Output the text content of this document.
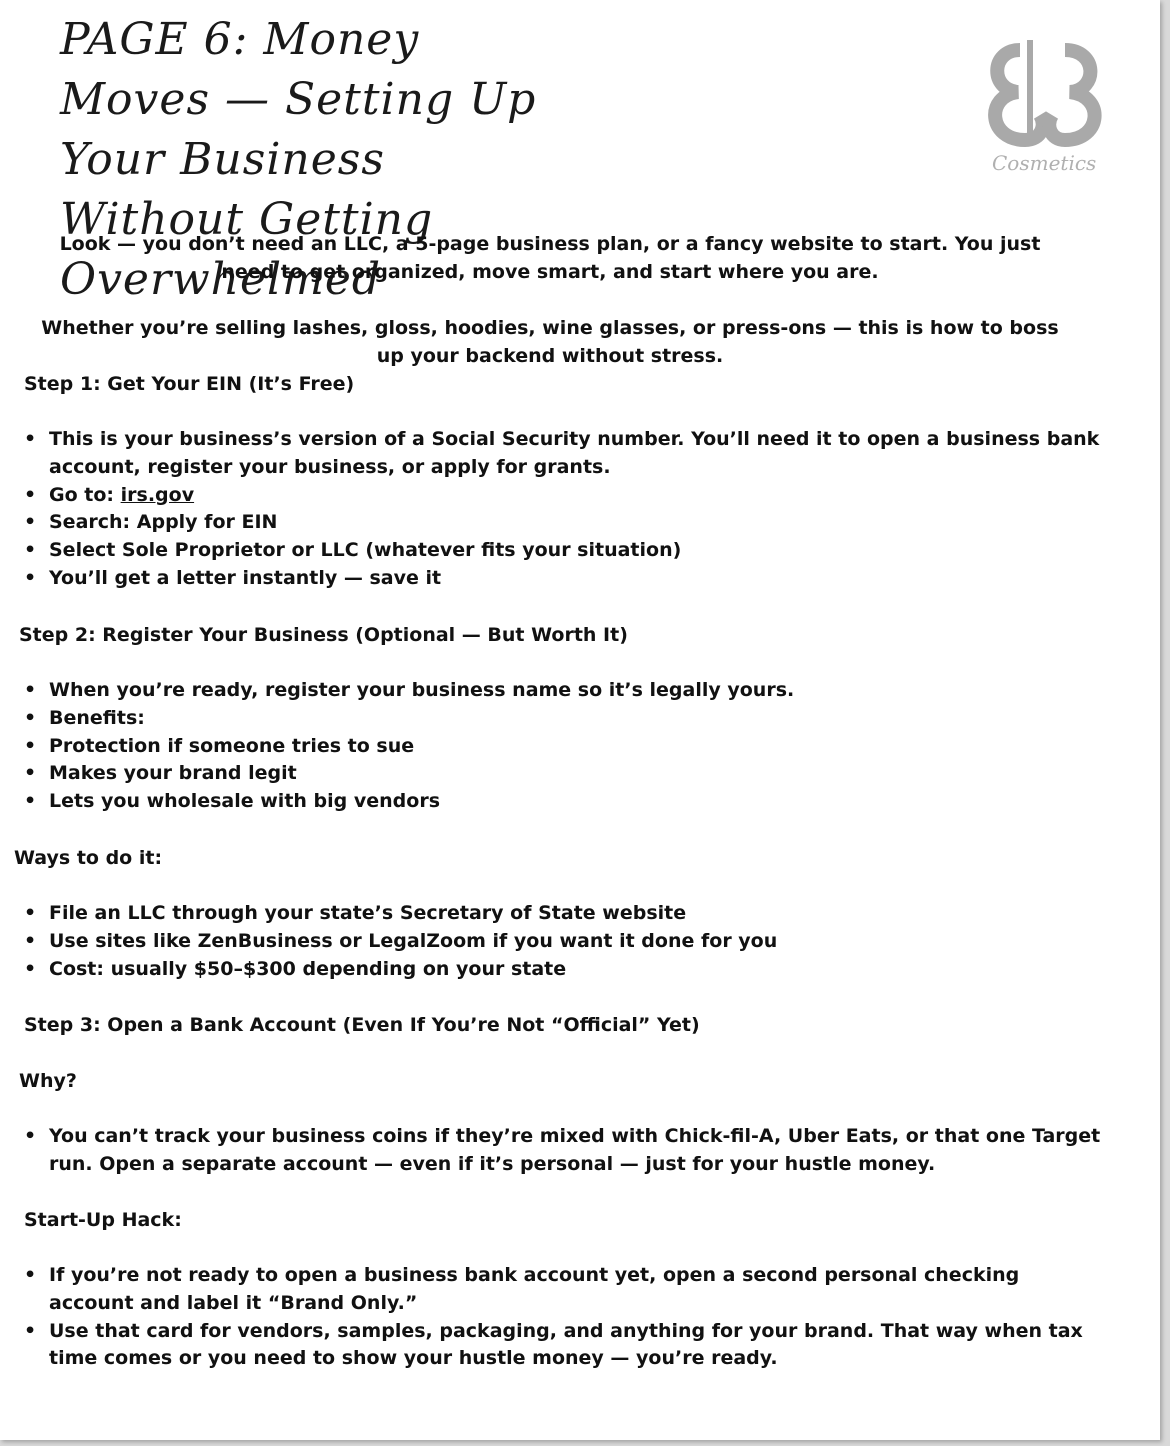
PAGE 6: Money Moves — Setting Up Your Business Without Getting Overwhelmed
Cosmetics

Look — you don’t need an LLC, a 5-page business plan, or a fancy website to start. You just need to get organized, move smart, and start where you are.

Whether you’re selling lashes, gloss, hoodies, wine glasses, or press-ons — this is how to boss up your backend without stress.

Step 1: Get Your EIN (It’s Free)
• This is your business’s version of a Social Security number. You’ll need it to open a business bank account, register your business, or apply for grants.
• Go to: irs.gov
• Search: Apply for EIN
• Select Sole Proprietor or LLC (whatever fits your situation)
• You’ll get a letter instantly — save it
Step 2: Register Your Business (Optional — But Worth It)
• When you’re ready, register your business name so it’s legally yours.
• Benefits:
• Protection if someone tries to sue
• Makes your brand legit
• Lets you wholesale with big vendors
Ways to do it:
• File an LLC through your state’s Secretary of State website
• Use sites like ZenBusiness or LegalZoom if you want it done for you
• Cost: usually $50–$300 depending on your state
Step 3: Open a Bank Account (Even If You’re Not “Official” Yet)
Why?
• You can’t track your business coins if they’re mixed with Chick-fil-A, Uber Eats, or that one Target run. Open a separate account — even if it’s personal — just for your hustle money.
Start-Up Hack:
• If you’re not ready to open a business bank account yet, open a second personal checking account and label it “Brand Only.”
• Use that card for vendors, samples, packaging, and anything for your brand. That way when tax time comes or you need to show your hustle money — you’re ready.
